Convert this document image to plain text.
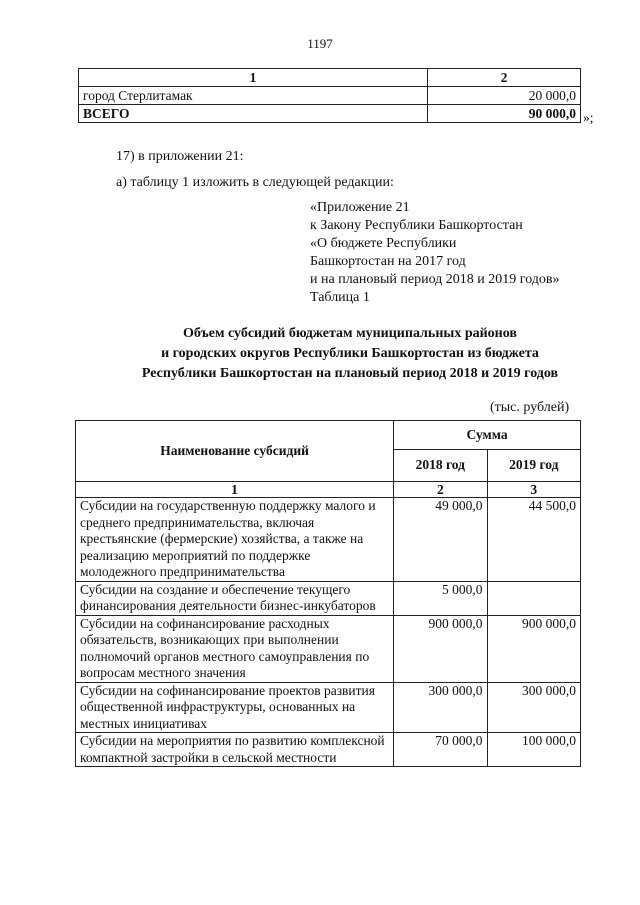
1197
1	2
город Стерлитамак	20 000,0
ВСЕГО	90 000,0 »;
17) в приложении 21:
а) таблицу 1 изложить в следующей редакции:
«Приложение 21
к Закону Республики Башкортостан
«О бюджете Республики
Башкортостан на 2017 год
и на плановый период 2018 и 2019 годов»
Таблица 1
Объем субсидий бюджетам муниципальных районов
и городских округов Республики Башкортостан из бюджета
Республики Башкортостан на плановый период 2018 и 2019 годов
(тыс. рублей)
Наименование субсидий	Сумма	
	2018 год	2019 год
1	2	3
Субсидии на государственную поддержку малого и среднего предпринимательства, включая крестьянские (фермерские) хозяйства, а также на реализацию мероприятий по поддержке молодежного предпринимательства	49 000,0	44 500,0
Субсидии на создание и обеспечение текущего финансирования деятельности бизнес-инкубаторов	5 000,0	
Субсидии на софинансирование расходных обязательств, возникающих при выполнении полномочий органов местного самоуправления по вопросам местного значения	900 000,0	900 000,0
Субсидии на софинансирование проектов развития общественной инфраструктуры, основанных на местных инициативах	300 000,0	300 000,0
Субсидии на мероприятия по развитию комплексной компактной застройки в сельской местности	70 000,0	100 000,0
